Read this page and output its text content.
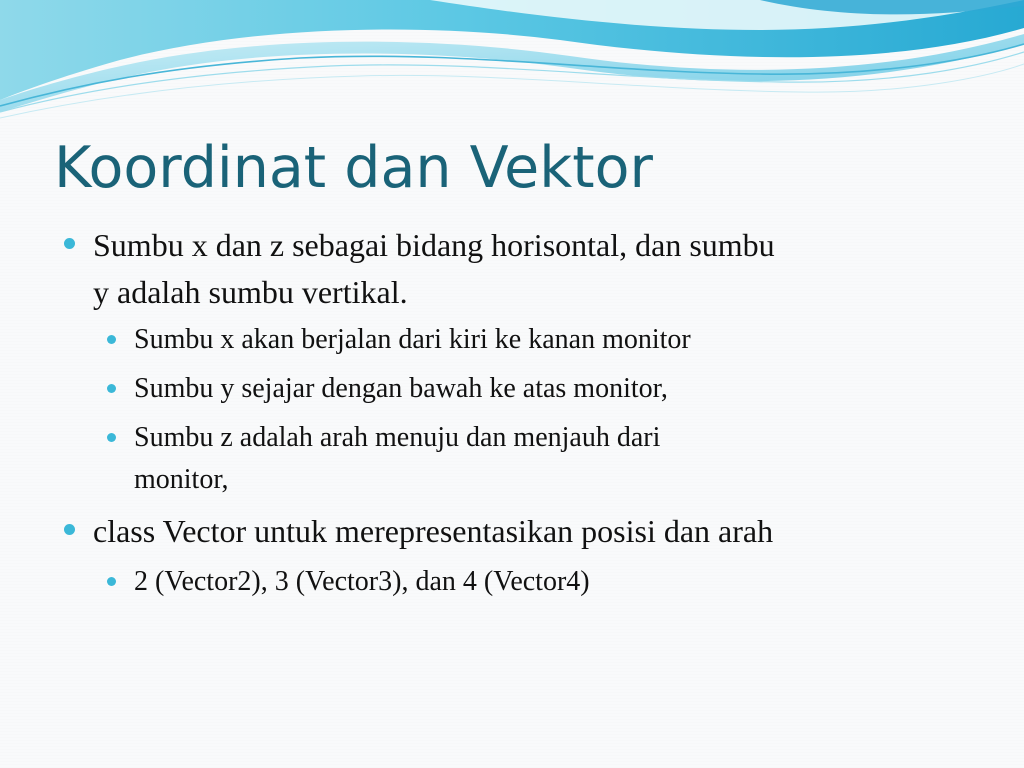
Koordinat dan Vektor
Sumbu x dan z sebagai bidang horisontal, dan sumbu
y adalah sumbu vertikal.
Sumbu x akan berjalan dari kiri ke kanan monitor
Sumbu y sejajar dengan bawah ke atas monitor,
Sumbu z adalah arah menuju dan menjauh dari
monitor,
class Vector untuk merepresentasikan posisi dan arah
2 (Vector2), 3 (Vector3), dan 4 (Vector4)
